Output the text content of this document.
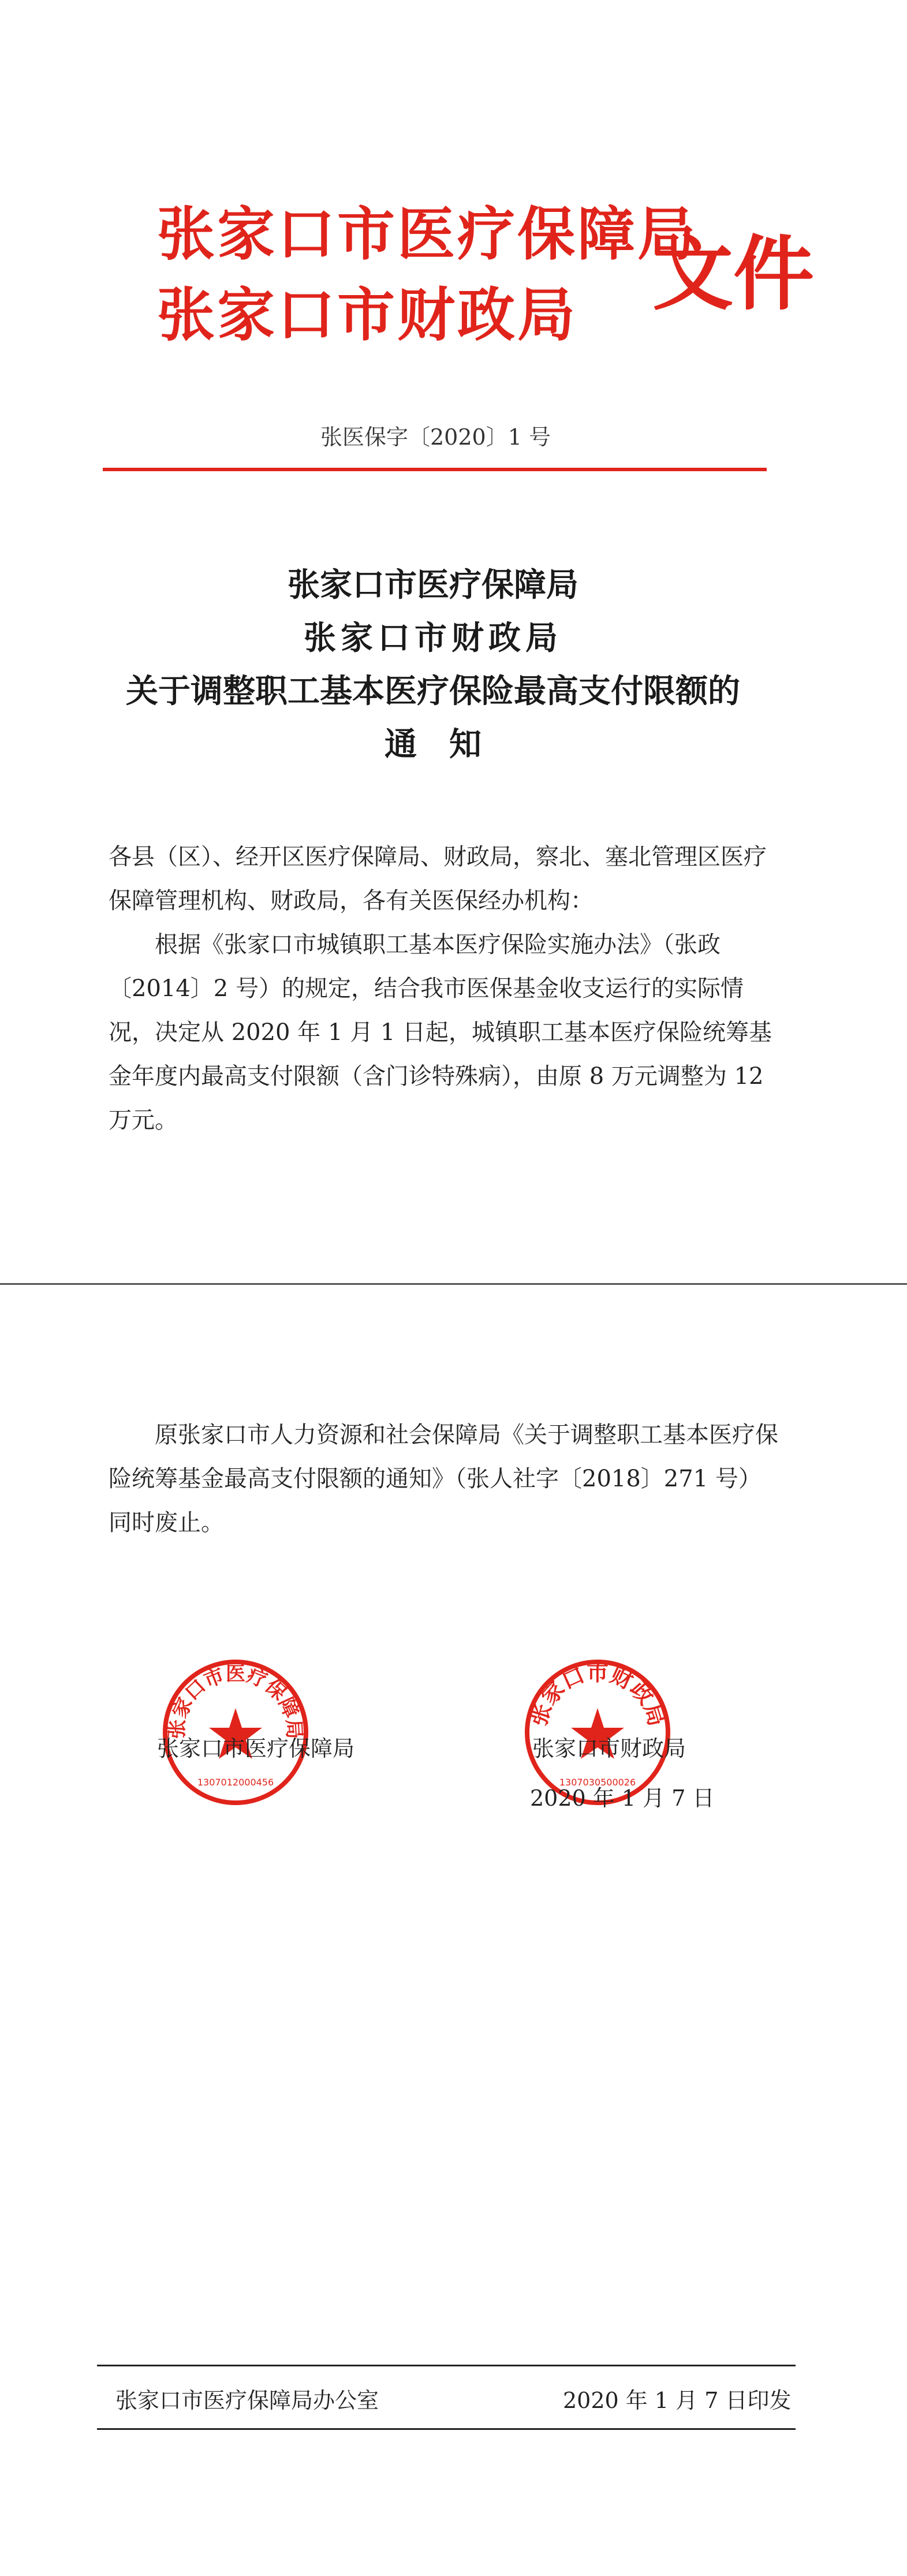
张家口市医疗保障局
张家口市财政局 文件
张医保字〔2020〕1 号
张家口市医疗保障局
张家口市财政局
关于调整职工基本医疗保险最高支付限额的
通　知
各县（区）、经开区医疗保障局、财政局，察北、塞北管理区医疗保障管理机构、财政局，各有关医保经办机构：
根据《张家口市城镇职工基本医疗保险实施办法》（张政〔2014〕2 号）的规定，结合我市医保基金收支运行的实际情况，决定从 2020 年 1 月 1 日起，城镇职工基本医疗保险统筹基金年度内最高支付限额（含门诊特殊病），由原 8 万元调整为 12 万元。
原张家口市人力资源和社会保障局《关于调整职工基本医疗保险统筹基金最高支付限额的通知》（张人社字〔2018〕271 号）同时废止。
张家口市医疗保障局
1307012000456
张家口市财政局
1307030500026
张家口市医疗保障局	张家口市财政局
2020 年 1 月 7 日
张家口市医疗保障局办公室	2020 年 1 月 7 日印发
